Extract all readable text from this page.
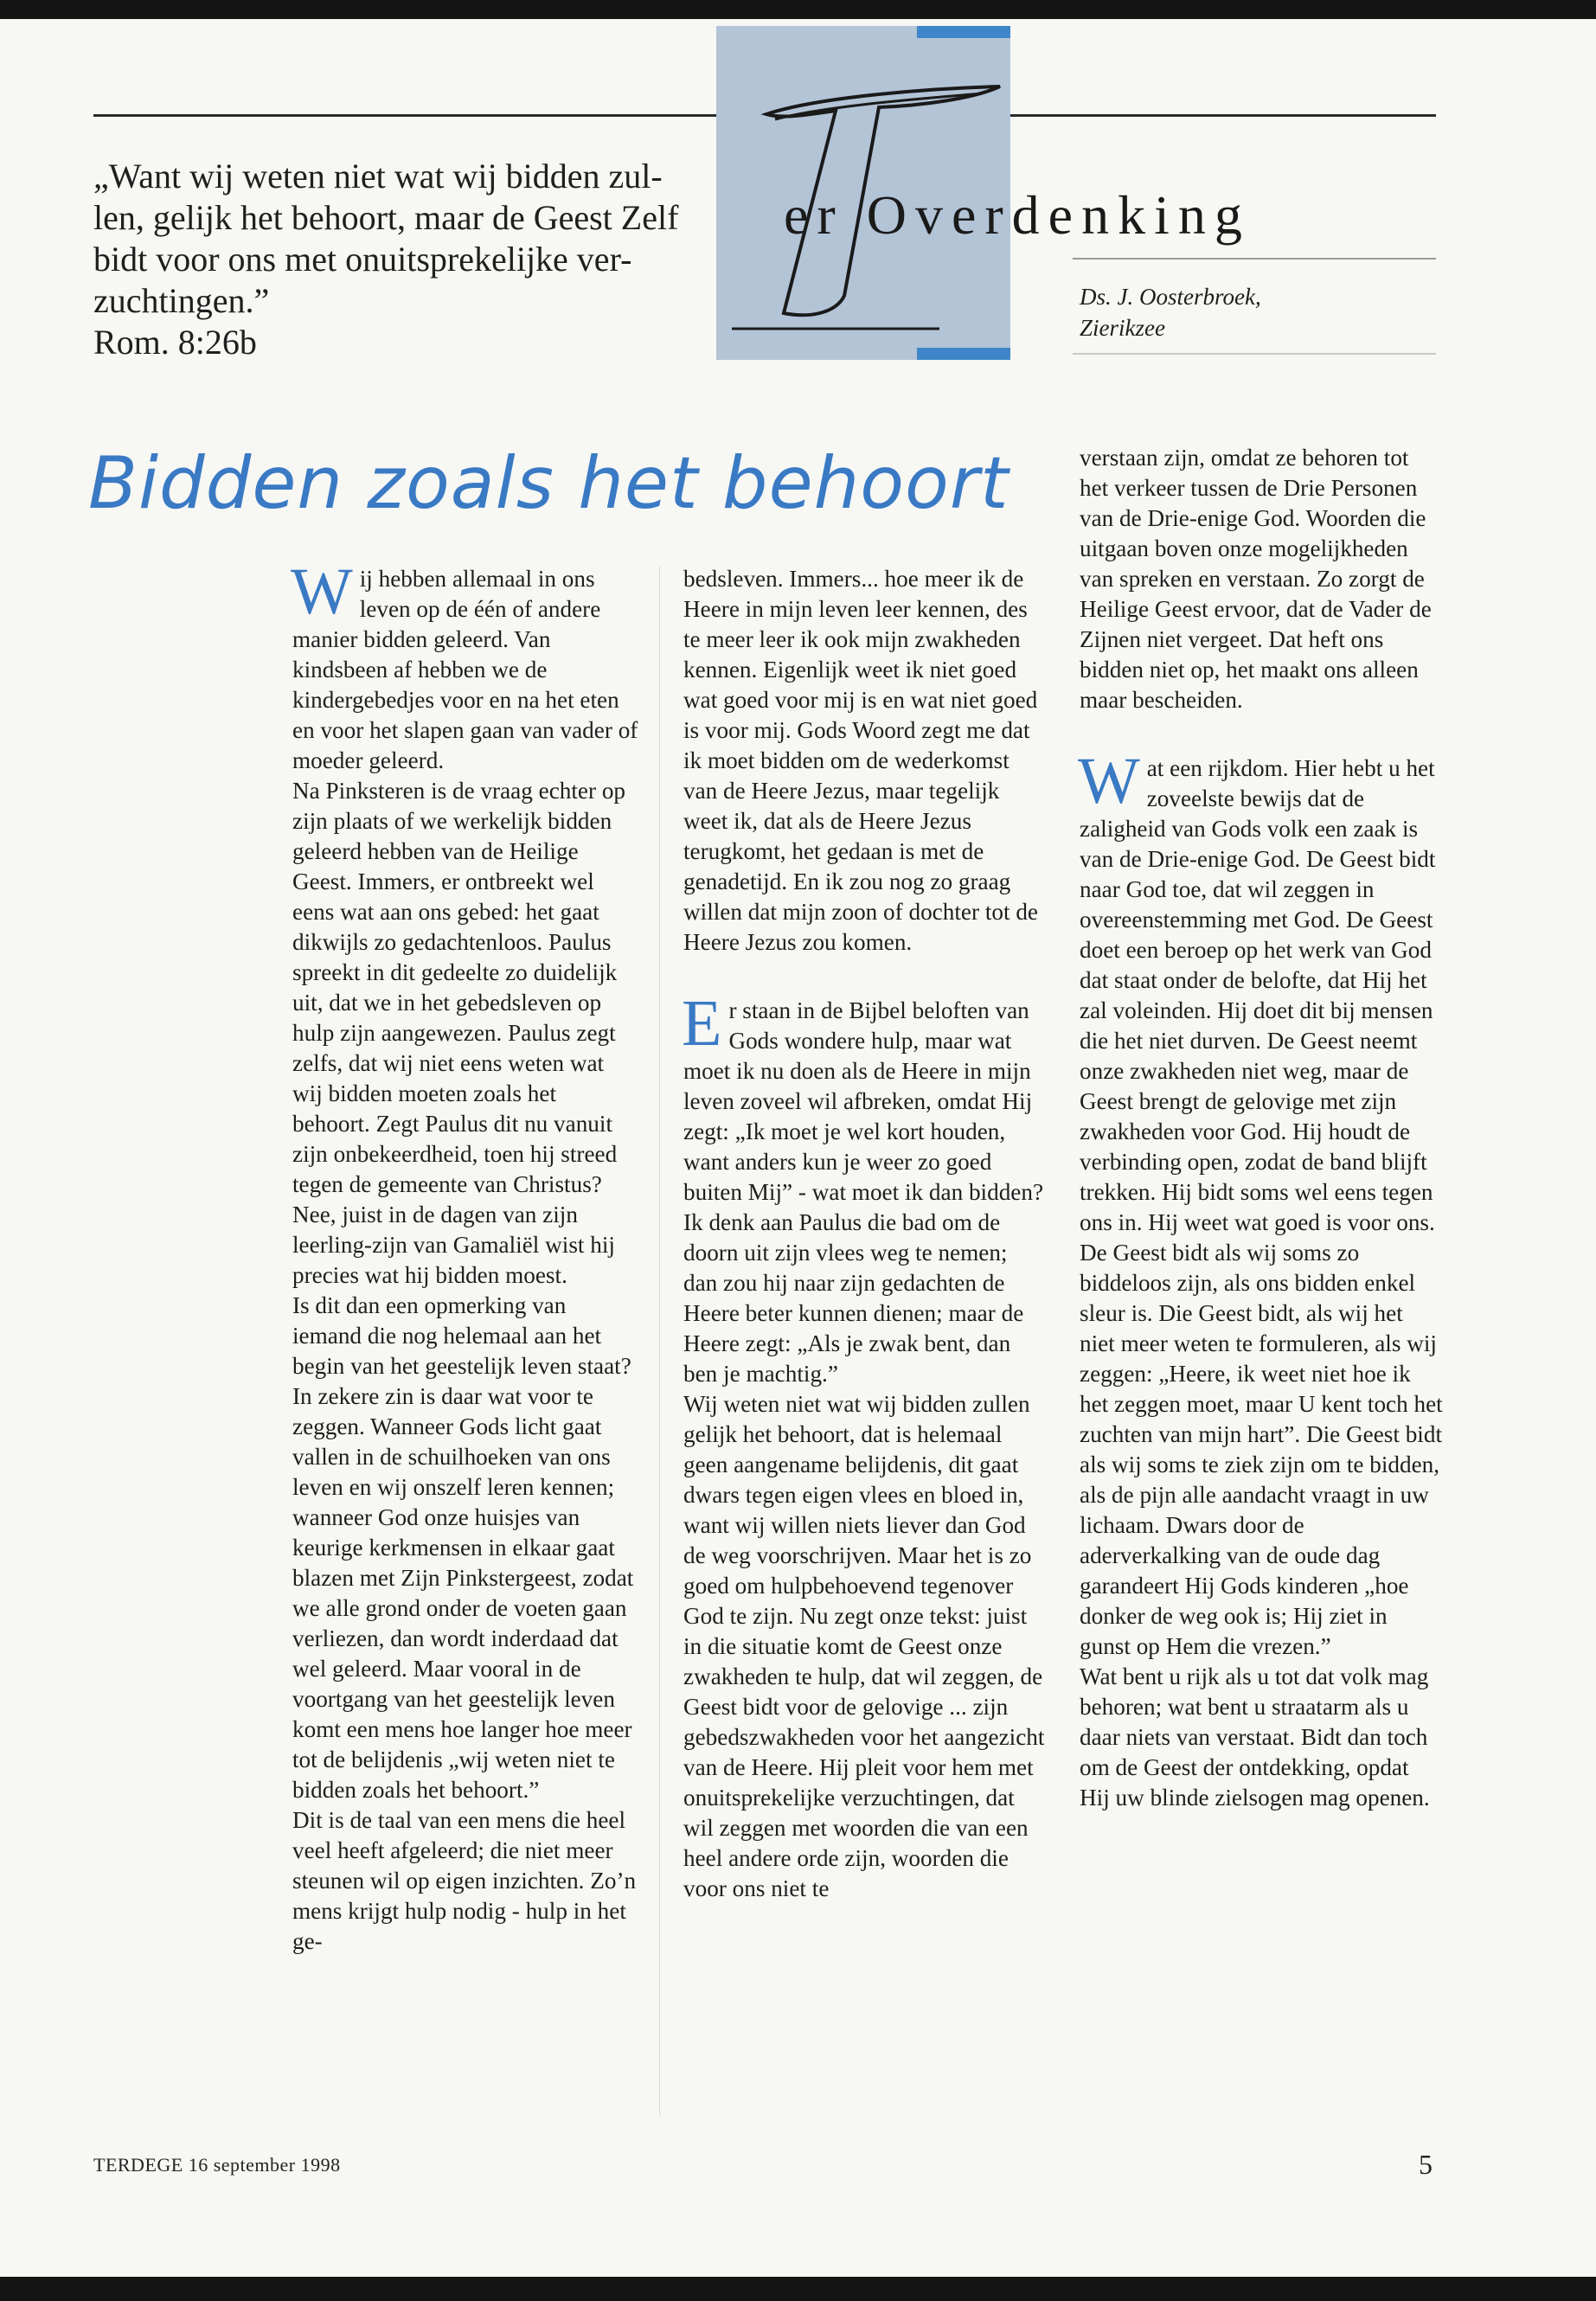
„Want wij weten niet wat wij bidden zul-
len, gelijk het behoort, maar de Geest Zelf
bidt voor ons met onuitsprekelijke ver-
zuchtingen.”
Rom. 8:26b
T
er Overdenking
Ds. J. Oosterbroek,
Zierikzee
Bidden zoals het behoort

Wij hebben allemaal in ons leven op de één of andere manier bidden geleerd. Van kindsbeen af hebben we de kindergebedjes voor en na het eten en voor het slapen gaan van vader of moeder geleerd.

Na Pinksteren is de vraag echter op zijn plaats of we werkelijk bidden geleerd hebben van de Heilige Geest. Immers, er ontbreekt wel eens wat aan ons gebed: het gaat dikwijls zo gedachtenloos. Paulus spreekt in dit gedeelte zo duidelijk uit, dat we in het gebedsleven op hulp zijn aangewezen. Paulus zegt zelfs, dat wij niet eens weten wat wij bidden moeten zoals het behoort. Zegt Paulus dit nu vanuit zijn onbekeerdheid, toen hij streed tegen de gemeente van Christus? Nee, juist in de dagen van zijn leerling-zijn van Gamaliël wist hij precies wat hij bidden moest.

Is dit dan een opmerking van iemand die nog helemaal aan het begin van het geestelijk leven staat? In zekere zin is daar wat voor te zeggen. Wanneer Gods licht gaat vallen in de schuilhoeken van ons leven en wij onszelf leren kennen; wanneer God onze huisjes van keurige kerkmensen in elkaar gaat blazen met Zijn Pinkstergeest, zodat we alle grond onder de voeten gaan verliezen, dan wordt inderdaad dat wel geleerd. Maar vooral in de voortgang van het geestelijk leven komt een mens hoe langer hoe meer tot de belijdenis „wij weten niet te bidden zoals het behoort.”

Dit is de taal van een mens die heel veel heeft afgeleerd; die niet meer steunen wil op eigen inzichten. Zo’n mens krijgt hulp nodig - hulp in het ge-

bedsleven. Immers... hoe meer ik de Heere in mijn leven leer kennen, des te meer leer ik ook mijn zwakheden kennen. Eigenlijk weet ik niet goed wat goed voor mij is en wat niet goed is voor mij. Gods Woord zegt me dat ik moet bidden om de wederkomst van de Heere Jezus, maar tegelijk weet ik, dat als de Heere Jezus terugkomt, het gedaan is met de genadetijd. En ik zou nog zo graag willen dat mijn zoon of dochter tot de Heere Jezus zou komen.

Er staan in de Bijbel beloften van Gods wondere hulp, maar wat moet ik nu doen als de Heere in mijn leven zoveel wil afbreken, omdat Hij zegt: „Ik moet je wel kort houden, want anders kun je weer zo goed buiten Mij” - wat moet ik dan bidden? Ik denk aan Paulus die bad om de doorn uit zijn vlees weg te nemen; dan zou hij naar zijn gedachten de Heere beter kunnen dienen; maar de Heere zegt: „Als je zwak bent, dan ben je machtig.”

Wij weten niet wat wij bidden zullen gelijk het behoort, dat is helemaal geen aangename belijdenis, dit gaat dwars tegen eigen vlees en bloed in, want wij willen niets liever dan God de weg voorschrijven. Maar het is zo goed om hulpbehoevend tegenover God te zijn. Nu zegt onze tekst: juist in die situatie komt de Geest onze zwakheden te hulp, dat wil zeggen, de Geest bidt voor de gelovige ... zijn gebedszwakheden voor het aangezicht van de Heere. Hij pleit voor hem met onuitsprekelijke verzuchtingen, dat wil zeggen met woorden die van een heel andere orde zijn, woorden die voor ons niet te

verstaan zijn, omdat ze behoren tot het verkeer tussen de Drie Personen van de Drie-enige God. Woorden die uitgaan boven onze mogelijkheden van spreken en verstaan. Zo zorgt de Heilige Geest ervoor, dat de Vader de Zijnen niet vergeet. Dat heft ons bidden niet op, het maakt ons alleen maar bescheiden.

Wat een rijkdom. Hier hebt u het zoveelste bewijs dat de zaligheid van Gods volk een zaak is van de Drie-enige God. De Geest bidt naar God toe, dat wil zeggen in overeenstemming met God. De Geest doet een beroep op het werk van God dat staat onder de belofte, dat Hij het zal voleinden. Hij doet dit bij mensen die het niet durven. De Geest neemt onze zwakheden niet weg, maar de Geest brengt de gelovige met zijn zwakheden voor God. Hij houdt de verbinding open, zodat de band blijft trekken. Hij bidt soms wel eens tegen ons in. Hij weet wat goed is voor ons. De Geest bidt als wij soms zo biddeloos zijn, als ons bidden enkel sleur is. Die Geest bidt, als wij het niet meer weten te formuleren, als wij zeggen: „Heere, ik weet niet hoe ik het zeggen moet, maar U kent toch het zuchten van mijn hart”. Die Geest bidt als wij soms te ziek zijn om te bidden, als de pijn alle aandacht vraagt in uw lichaam. Dwars door de aderverkalking van de oude dag garandeert Hij Gods kinderen „hoe donker de weg ook is; Hij ziet in gunst op Hem die vrezen.”

Wat bent u rijk als u tot dat volk mag behoren; wat bent u straatarm als u daar niets van verstaat. Bidt dan toch om de Geest der ontdekking, opdat Hij uw blinde zielsogen mag openen.

TERDEGE 16 september 1998	5
